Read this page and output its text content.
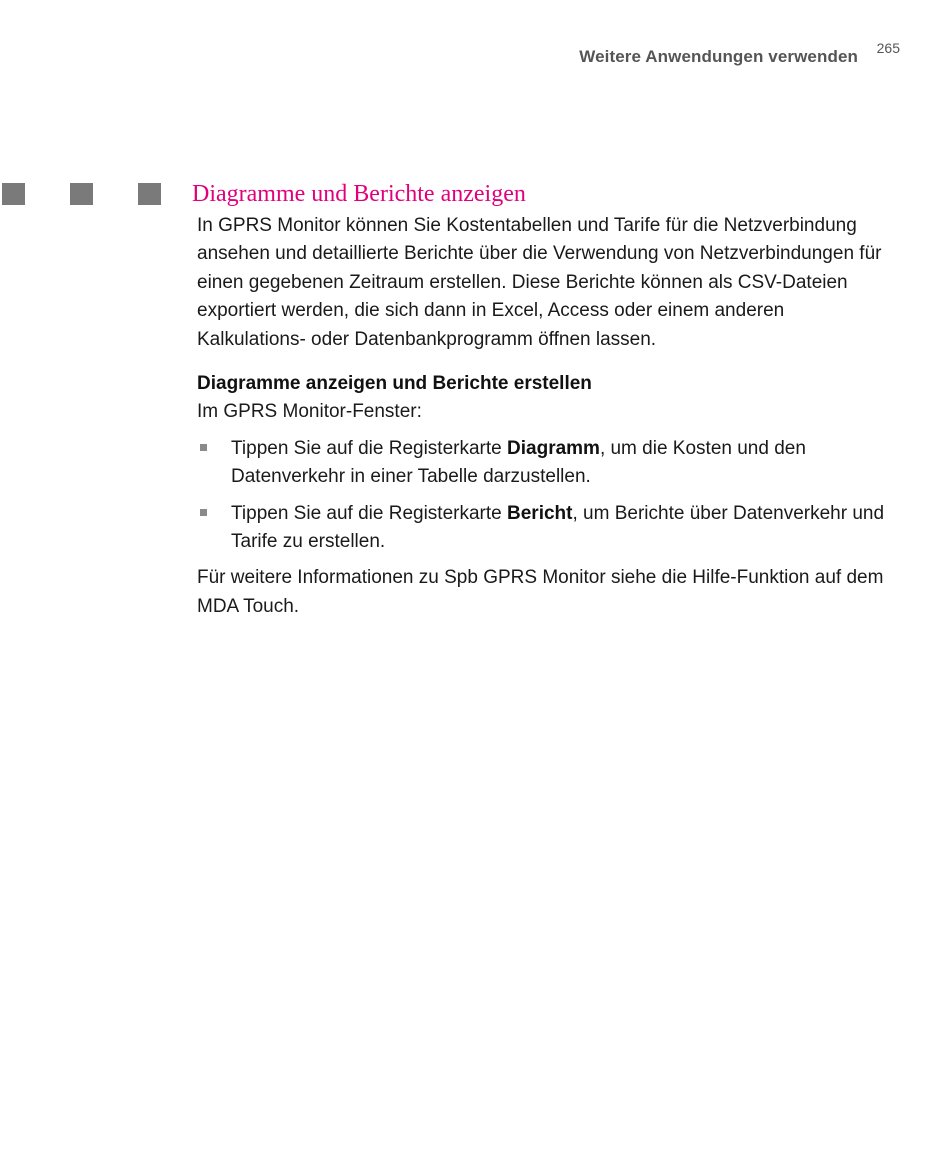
Weitere Anwendungen verwenden 265
Diagramme und Berichte anzeigen

In GPRS Monitor können Sie Kostentabellen und Tarife für die Netzverbindung ansehen und detaillierte Berichte über die Verwendung von Netzverbindungen für einen gegebenen Zeitraum erstellen. Diese Berichte können als CSV-Dateien exportiert werden, die sich dann in Excel, Access oder einem anderen Kalkulations- oder Datenbankprogramm öffnen lassen.

Diagramme anzeigen und Berichte erstellen

Im GPRS Monitor-Fenster:

Tippen Sie auf die Registerkarte Diagramm, um die Kosten und den Datenverkehr in einer Tabelle darzustellen.
Tippen Sie auf die Registerkarte Bericht, um Berichte über Datenverkehr und Tarife zu erstellen.

Für weitere Informationen zu Spb GPRS Monitor siehe die Hilfe-Funktion auf dem MDA Touch.
